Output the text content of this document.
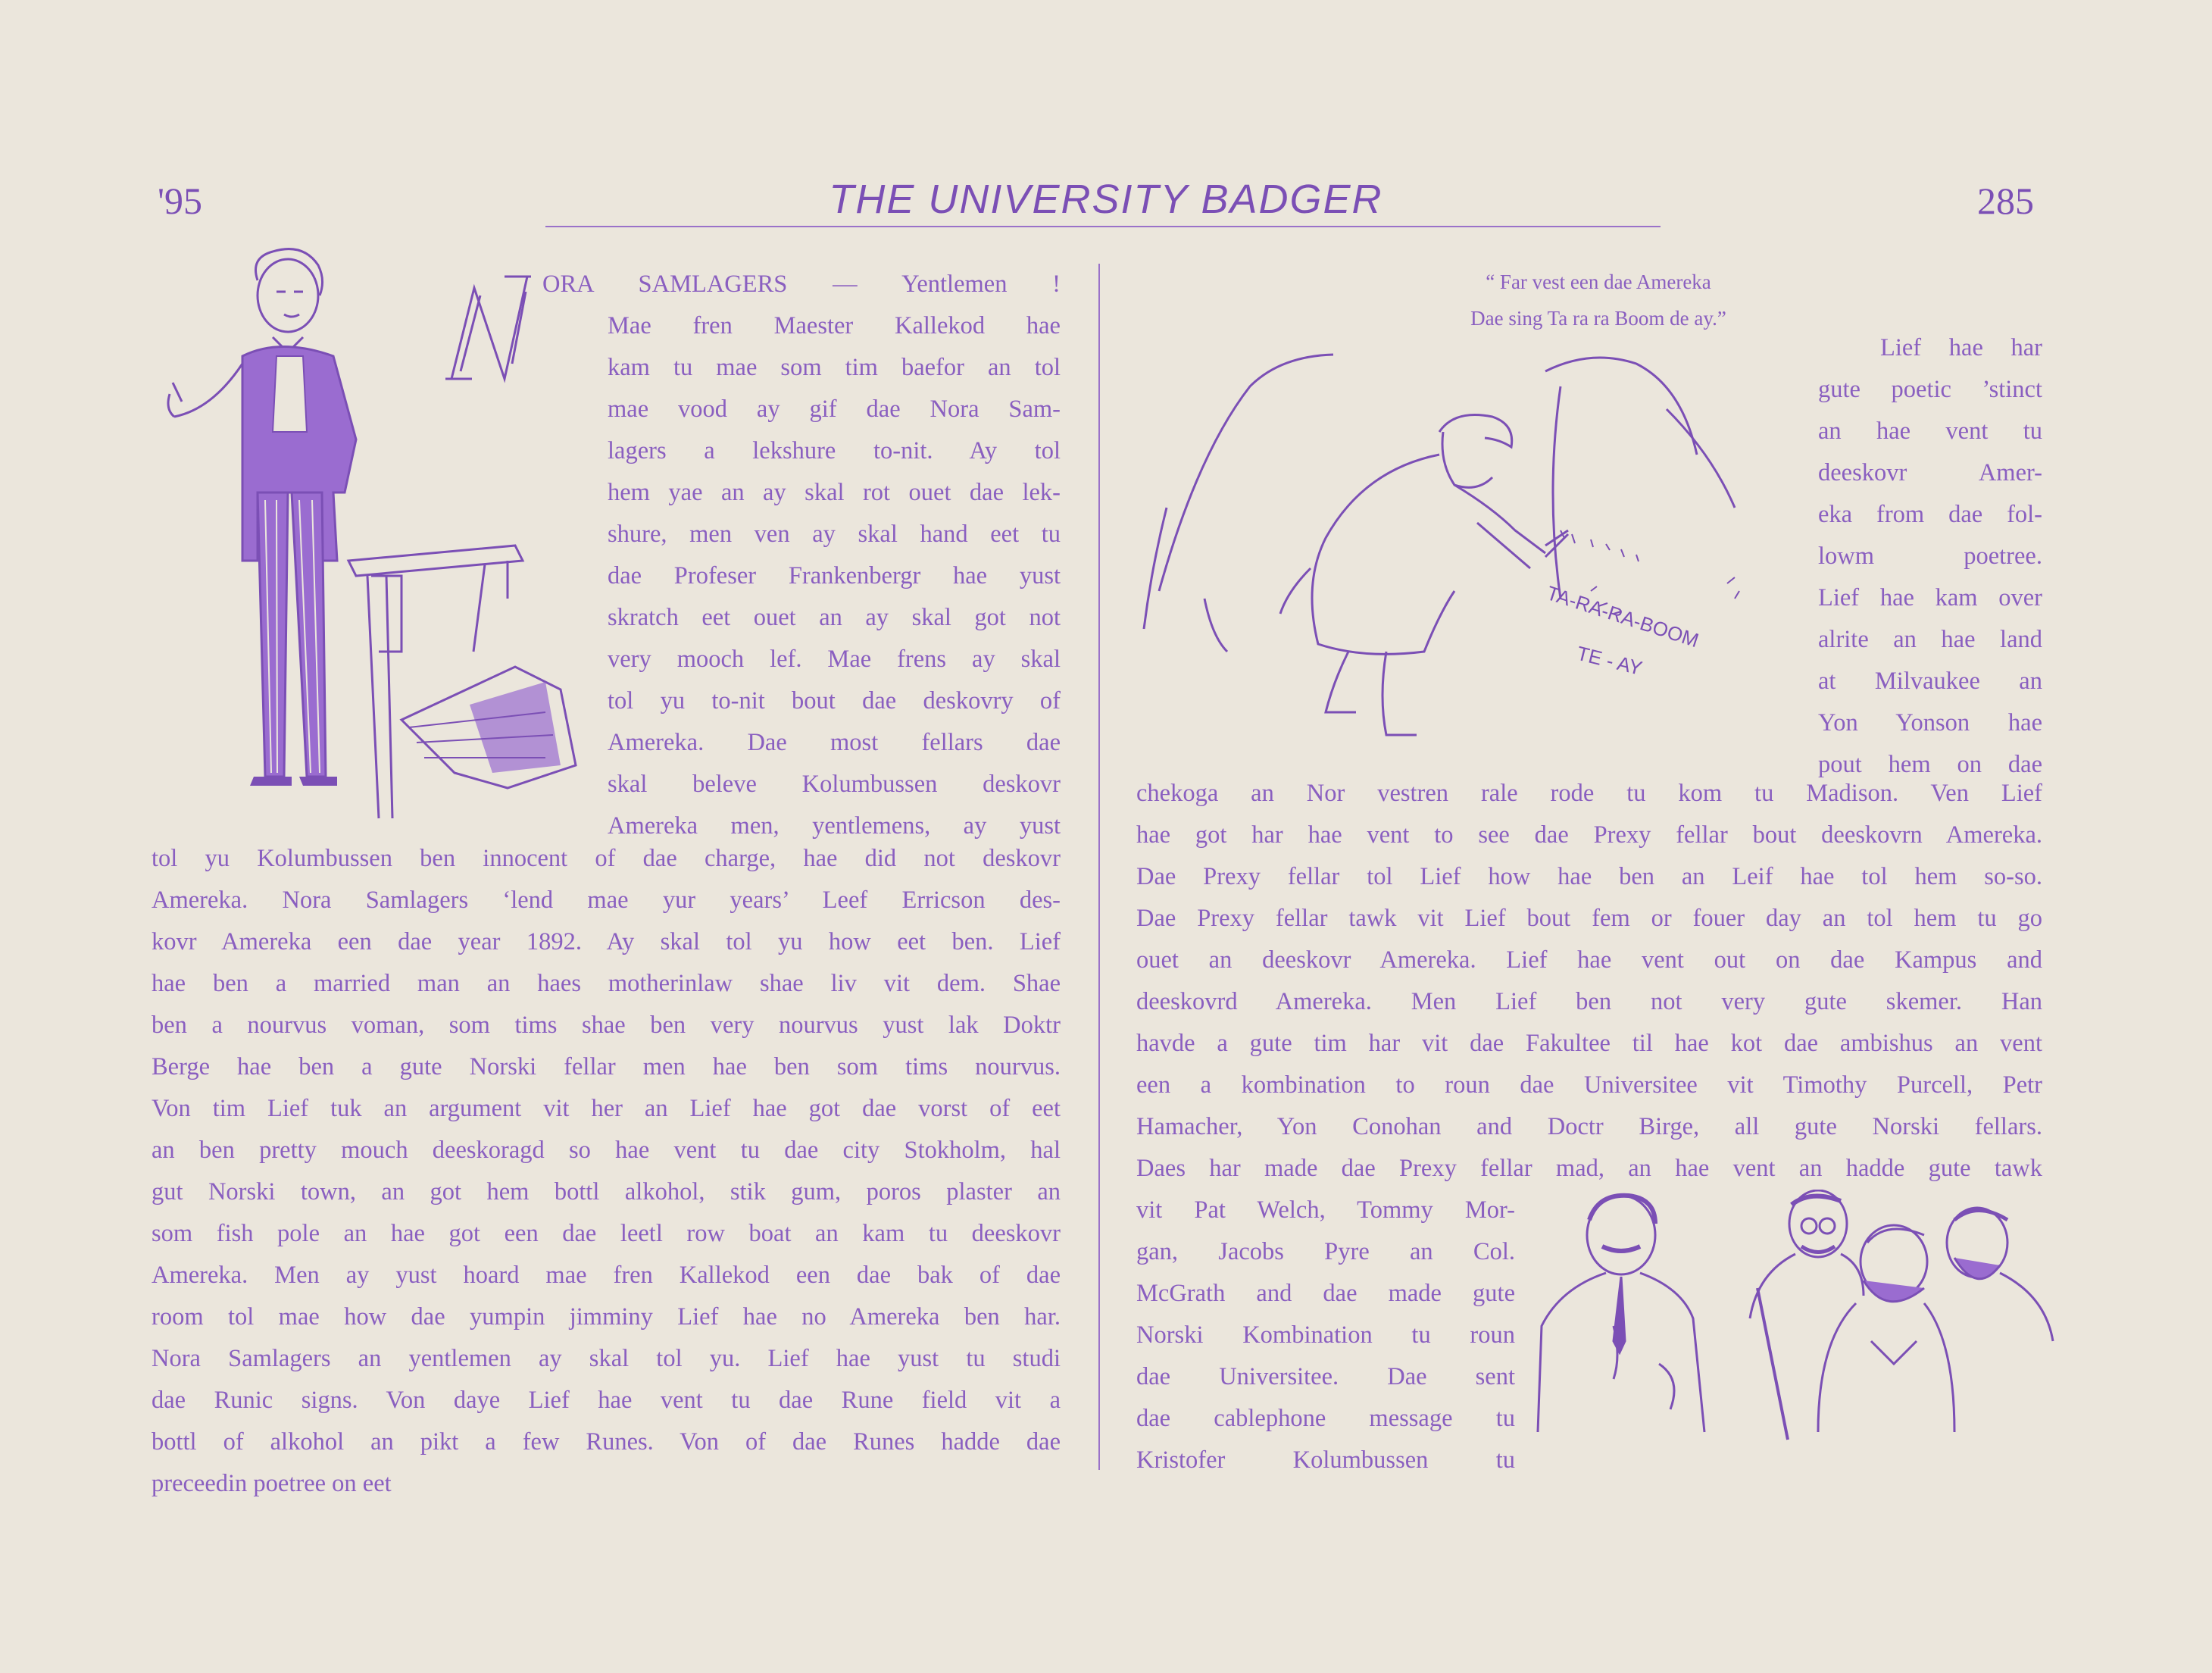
'95	THE UNIVERSITY BADGER	285
ORA SAMLAGERS — Yentlemen !
Mae fren Maester Kallekod hae
kam tu mae som tim baefor an tol
mae vood ay gif dae Nora Sam-
lagers a lekshure to-nit. Ay tol
hem yae an ay skal rot ouet dae lek-
shure, men ven ay skal hand eet tu
dae Profeser Frankenbergr hae yust
skratch eet ouet an ay skal got not
very mooch lef. Mae frens ay skal
tol yu to-nit bout dae deskovry of
Amereka. Dae most fellars dae
skal beleve Kolumbussen deskovr
Amereka men, yentlemens, ay yust
tol yu Kolumbussen ben innocent of dae charge, hae did not deskovr
Amereka. Nora Samlagers ‘lend mae yur years’ Leef Erricson des-
kovr Amereka een dae year 1892. Ay skal tol yu how eet ben. Lief
hae ben a married man an haes motherinlaw shae liv vit dem. Shae
ben a nourvus voman, som tims shae ben very nourvus yust lak Doktr
Berge hae ben a gute Norski fellar men hae ben som tims nourvus.
Von tim Lief tuk an argument vit her an Lief hae got dae vorst of eet
an ben pretty mouch deeskoragd so hae vent tu dae city Stokholm, hal
gut Norski town, an got hem bottl alkohol, stik gum, poros plaster an
som fish pole an hae got een dae leetl row boat an kam tu deeskovr
Amereka. Men ay yust hoard mae fren Kallekod een dae bak of dae
room tol mae how dae yumpin jimminy Lief hae no Amereka ben har.
Nora Samlagers an yentlemen ay skal tol yu. Lief hae yust tu studi
dae Runic signs. Von daye Lief hae vent tu dae Rune field vit a
bottl of alkohol an pikt a few Runes. Von of dae Runes hadde dae
preceedin poetree on eet
“ Far vest een dae Amereka
Dae sing Ta ra ra Boom de ay.”
TA-RA-RA-BOOM
TE - AY
Lief hae har
gute poetic ’stinct
an hae vent tu
deeskovr Amer-
eka from dae fol-
lowm poetree.
Lief hae kam over
alrite an hae land
at Milvaukee an
Yon Yonson hae
pout hem on dae
chekoga an Nor vestren rale rode tu kom tu Madison. Ven Lief
hae got har hae vent to see dae Prexy fellar bout deeskovrn Amereka.
Dae Prexy fellar tol Lief how hae ben an Leif hae tol hem so-so.
Dae Prexy fellar tawk vit Lief bout fem or fouer day an tol hem tu go
ouet an deeskovr Amereka. Lief hae vent out on dae Kampus and
deeskovrd Amereka. Men Lief ben not very gute skemer. Han
havde a gute tim har vit dae Fakultee til hae kot dae ambishus an vent
een a kombination to roun dae Universitee vit Timothy Purcell, Petr
Hamacher, Yon Conohan and Doctr Birge, all gute Norski fellars.
Daes har made dae Prexy fellar mad, an hae vent an hadde gute tawk
vit Pat Welch, Tommy Mor-
gan, Jacobs Pyre an Col.
McGrath and dae made gute
Norski Kombination tu roun
dae Universitee. Dae sent
dae cablephone message tu
Kristofer Kolumbussen tu
